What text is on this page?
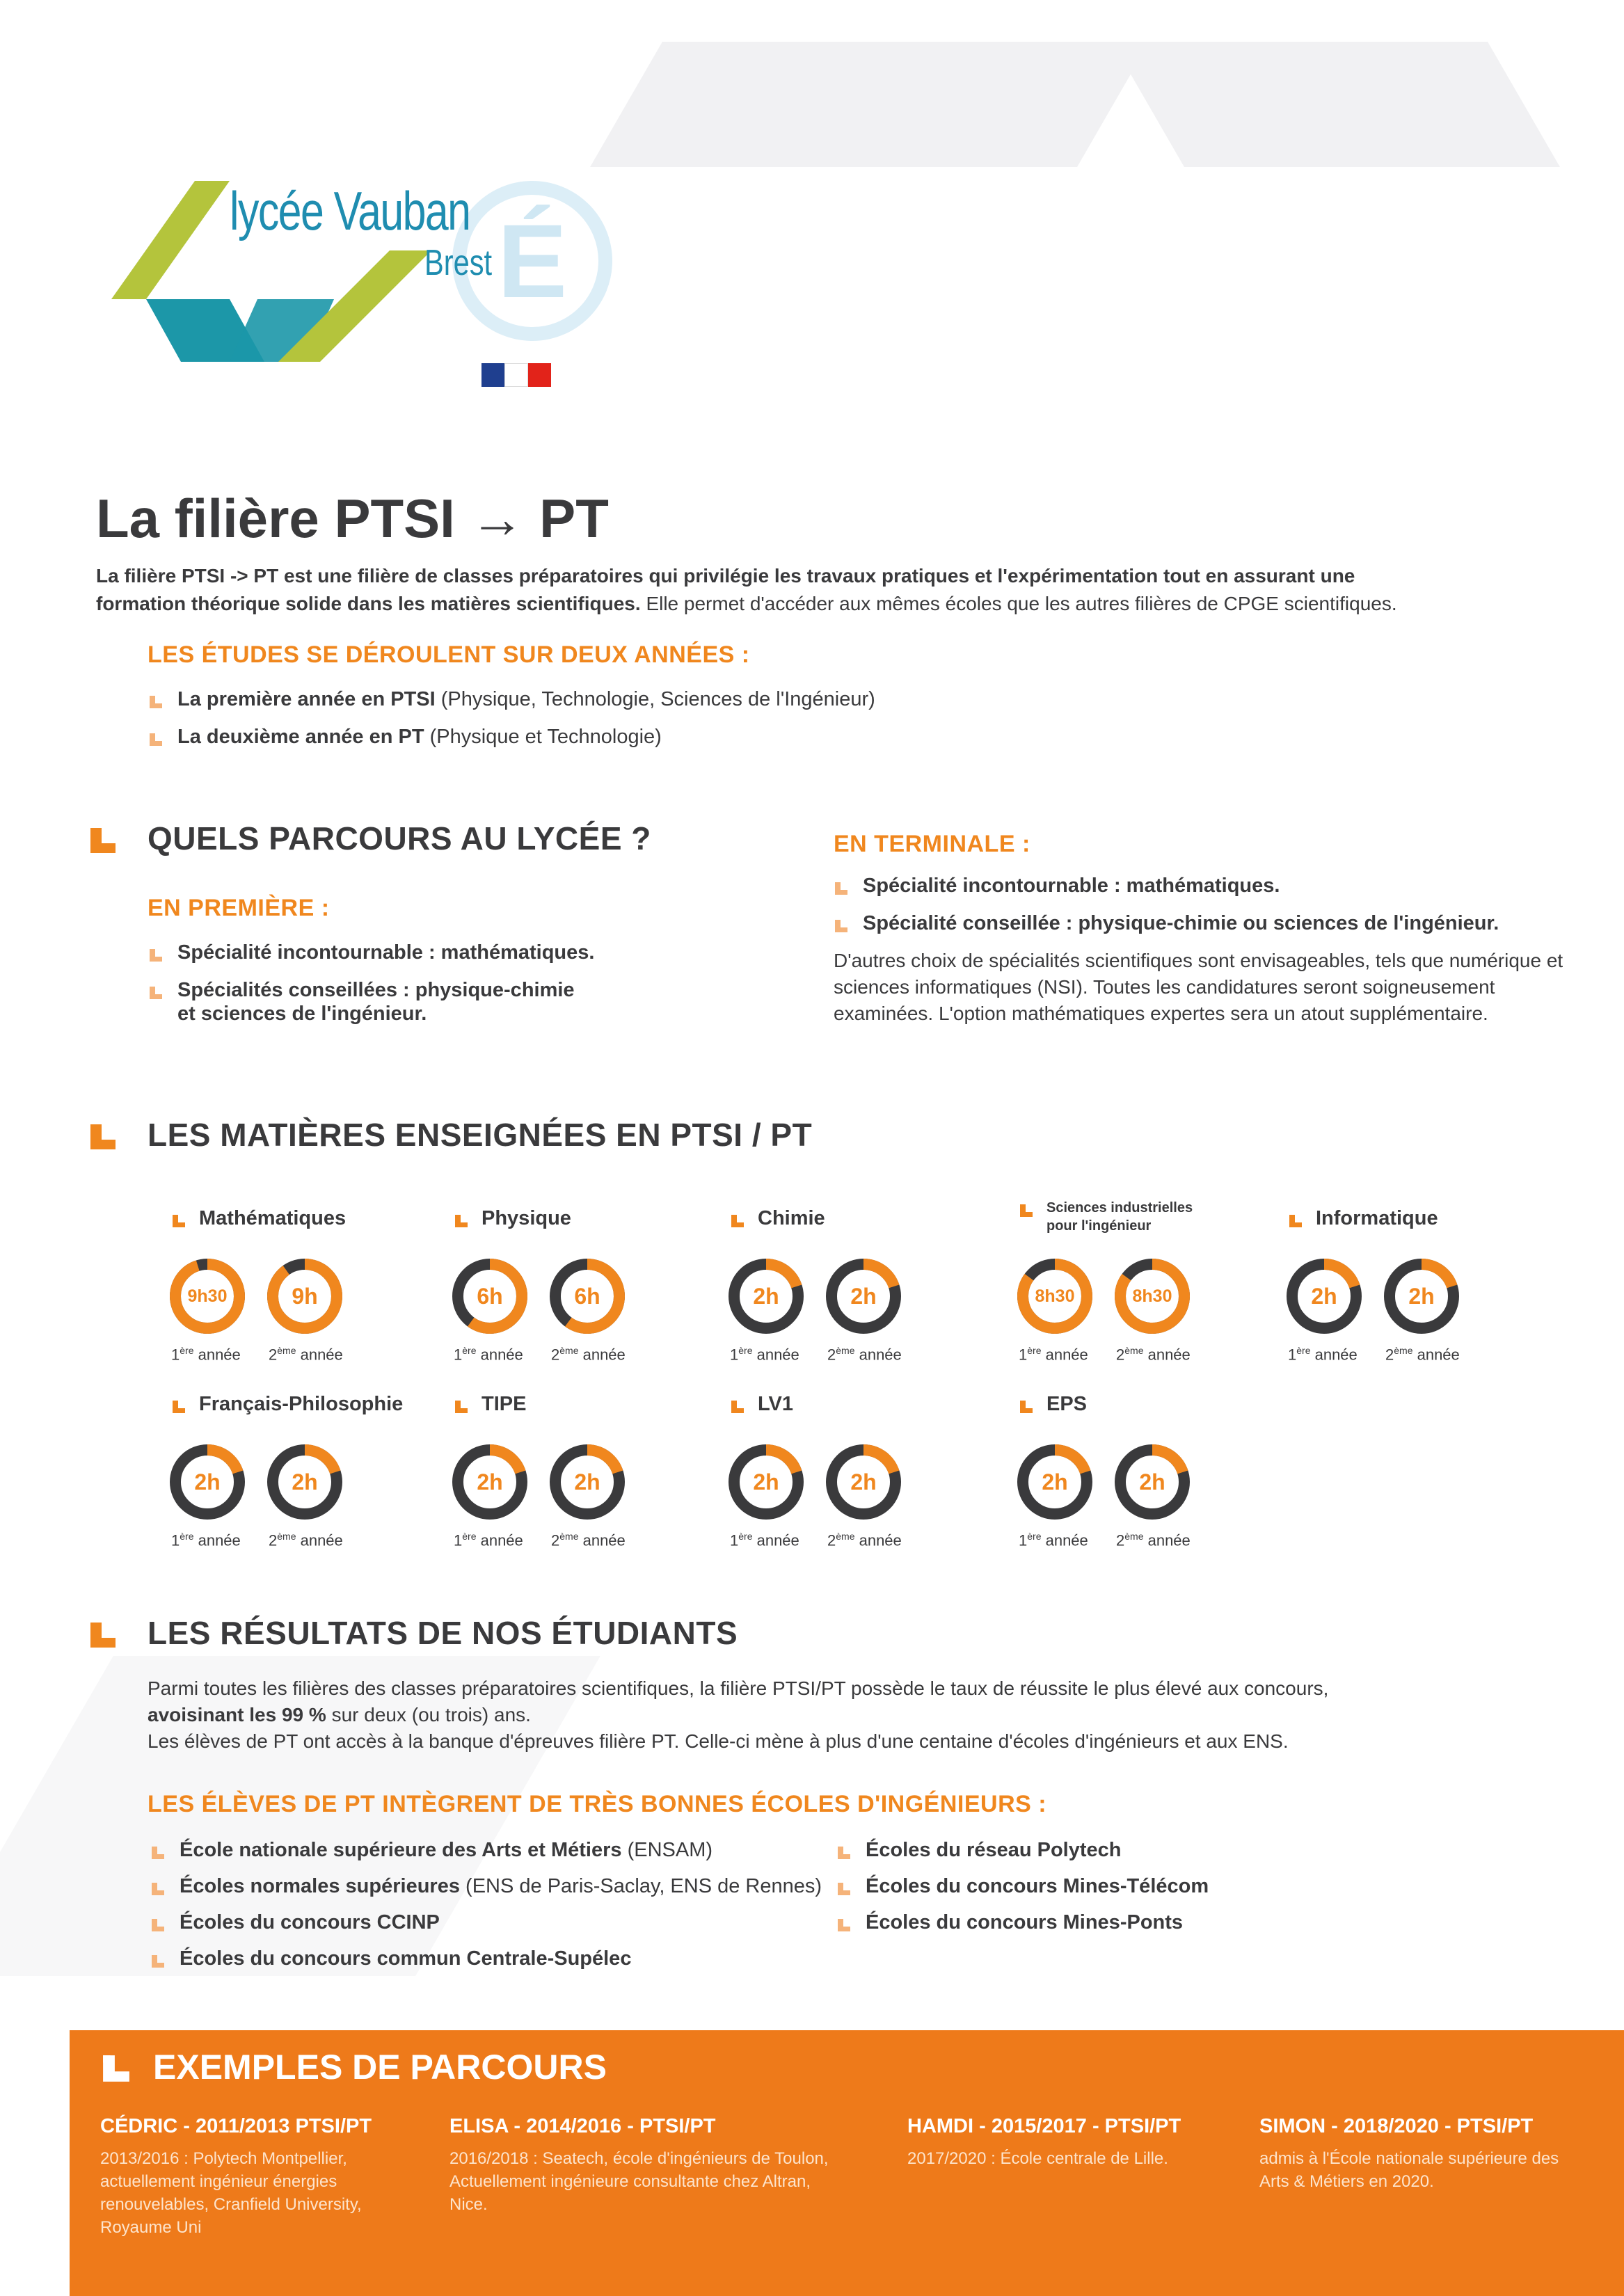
É
lycée Vauban
Brest
La filière PTSI → PT
La filière PTSI -> PT est une filière de classes préparatoires qui privilégie les travaux pratiques et l'expérimentation tout en assurant une formation théorique solide dans les matières scientifiques. Elle permet d'accéder aux mêmes écoles que les autres filières de CPGE scientifiques.
LES ÉTUDES SE DÉROULENT SUR DEUX ANNÉES :
La première année en PTSI (Physique, Technologie, Sciences de l'Ingénieur)
La deuxième année en PT (Physique et Technologie)
QUELS PARCOURS AU LYCÉE ?
EN PREMIÈRE :
Spécialité incontournable : mathématiques.
Spécialités conseillées : physique-chimie
et sciences de l'ingénieur.
EN TERMINALE :
Spécialité incontournable : mathématiques.
Spécialité conseillée : physique-chimie ou sciences de l'ingénieur.
D'autres choix de spécialités scientifiques sont envisageables, tels que numérique et sciences informatiques (NSI). Toutes les candidatures seront soigneusement examinées. L'option mathématiques expertes sera un atout supplémentaire.
LES MATIÈRES ENSEIGNÉES EN PTSI / PT
Mathématiques
9h30
1ère année
9h
2ème année
Physique
6h
1ère année
6h
2ème année
Chimie
2h
1ère année
2h
2ème année
Sciences industrielles pour l'ingénieur
8h30
1ère année
8h30
2ème année
Informatique
2h
1ère année
2h
2ème année
Français-Philosophie
2h
1ère année
2h
2ème année
TIPE
2h
1ère année
2h
2ème année
LV1
2h
1ère année
2h
2ème année
EPS
2h
1ère année
2h
2ème année
LES RÉSULTATS DE NOS ÉTUDIANTS
Parmi toutes les filières des classes préparatoires scientifiques, la filière PTSI/PT possède le taux de réussite le plus élevé aux concours,
avoisinant les 99 % sur deux (ou trois) ans.
Les élèves de PT ont accès à la banque d'épreuves filière PT. Celle-ci mène à plus d'une centaine d'écoles d'ingénieurs et aux ENS.
LES ÉLÈVES DE PT INTÈGRENT DE TRÈS BONNES ÉCOLES D'INGÉNIEURS :
École nationale supérieure des Arts et Métiers (ENSAM)
Écoles normales supérieures (ENS de Paris-Saclay, ENS de Rennes)
Écoles du concours CCINP
Écoles du concours commun Centrale-Supélec
Écoles du réseau Polytech
Écoles du concours Mines-Télécom
Écoles du concours Mines-Ponts
EXEMPLES DE PARCOURS
CÉDRIC - 2011/2013 PTSI/PT
2013/2016 : Polytech Montpellier, actuellement ingénieur énergies renouvelables, Cranfield University, Royaume Uni
ELISA - 2014/2016 - PTSI/PT
2016/2018 : Seatech, école d'ingénieurs de Toulon, Actuellement ingénieure consultante chez Altran, Nice.
HAMDI - 2015/2017 - PTSI/PT
2017/2020 : École centrale de Lille.
SIMON - 2018/2020 - PTSI/PT
admis à l'École nationale supérieure des Arts & Métiers en 2020.
